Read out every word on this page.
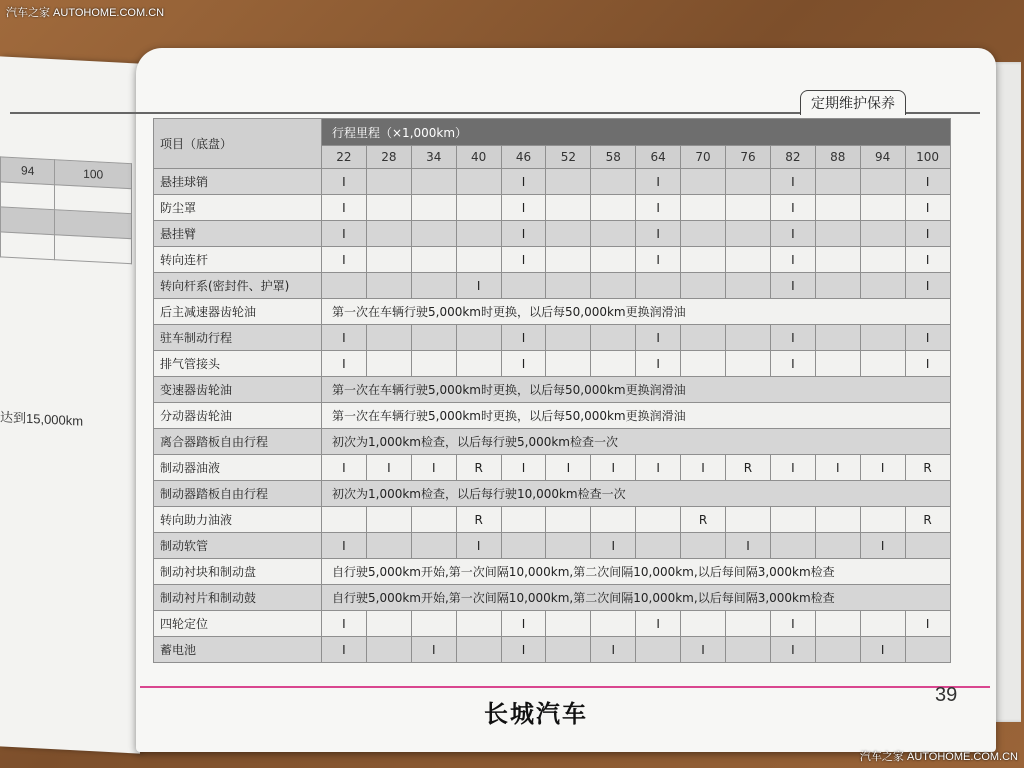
94	100

达到15,000km
定期维护保养
项目（底盘）	行程里程（×1,000km）													
	22	28	34	40	46	52	58	64	70	76	82	88	94	100
悬挂球销	I				I			I			I			I
防尘罩	I				I			I			I			I
悬挂臂	I				I			I			I			I
转向连杆	I				I			I			I			I
转向杆系(密封件、护罩)				I							I			I
后主减速器齿轮油	第一次在车辆行驶5,000km时更换，以后每50,000km更换润滑油													
驻车制动行程	I				I			I			I			I
排气管接头	I				I			I			I			I
变速器齿轮油	第一次在车辆行驶5,000km时更换，以后每50,000km更换润滑油													
分动器齿轮油	第一次在车辆行驶5,000km时更换，以后每50,000km更换润滑油													
离合器踏板自由行程	初次为1,000km检查，以后每行驶5,000km检查一次													
制动器油液	I	I	I	R	I	I	I	I	I	R	I	I	I	R
制动器踏板自由行程	初次为1,000km检查，以后每行驶10,000km检查一次													
转向助力油液				R					R					R
制动软管	I			I			I			I			I	
制动衬块和制动盘	自行驶5,000km开始,第一次间隔10,000km,第二次间隔10,000km,以后每间隔3,000km检查													
制动衬片和制动鼓	自行驶5,000km开始,第一次间隔10,000km,第二次间隔10,000km,以后每间隔3,000km检查													
四轮定位	I				I			I			I			I
蓄电池	I		I		I		I		I		I		I	
长城汽车
39
汽车之家 AUTOHOME.COM.CN
汽车之家 AUTOHOME.COM.CN
